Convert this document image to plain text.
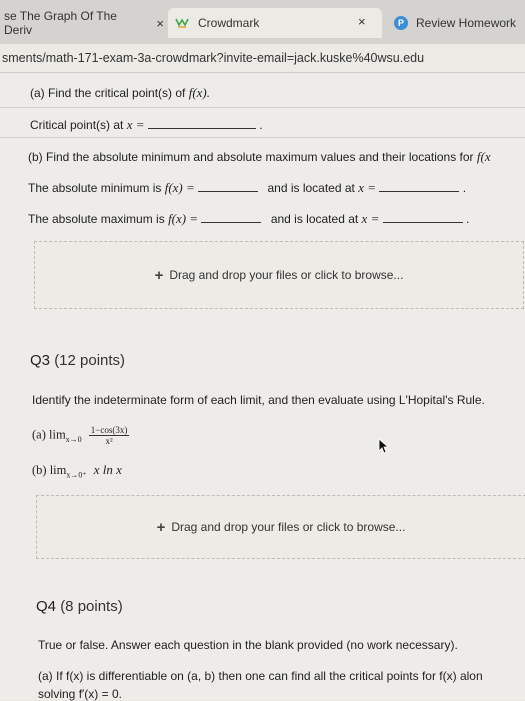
se The Graph Of The Deriv	×	Crowdmark	×	P	Review Homework
sments/math-171-exam-3a-crowdmark?invite-email=jack.kuske%40wsu.edu
(a) Find the critical point(s) of f(x).
Critical point(s) at x =	.
(b) Find the absolute minimum and absolute maximum values and their locations for f(x
The absolute minimum is f(x) =	and is located at x =	.
The absolute maximum is f(x) =	and is located at x =	.
+ Drag and drop your files or click to browse...
Q3 (12 points)
Identify the indeterminate form of each limit, and then evaluate using L'Hopital's Rule.
(a) $\lim_{x\to 0} \frac{1-\cos(3x)}{\text{x²}}$
(b) $\lim_{x\to 0^+} x$ ln x
+ Drag and drop your files or click to browse...
Q4 (8 points)
True or false. Answer each question in the blank provided (no work necessary).
(a) If f(x) is differentiable on (a, b) then one can find all the critical points for f(x) alon
solving f′(x) = 0.
